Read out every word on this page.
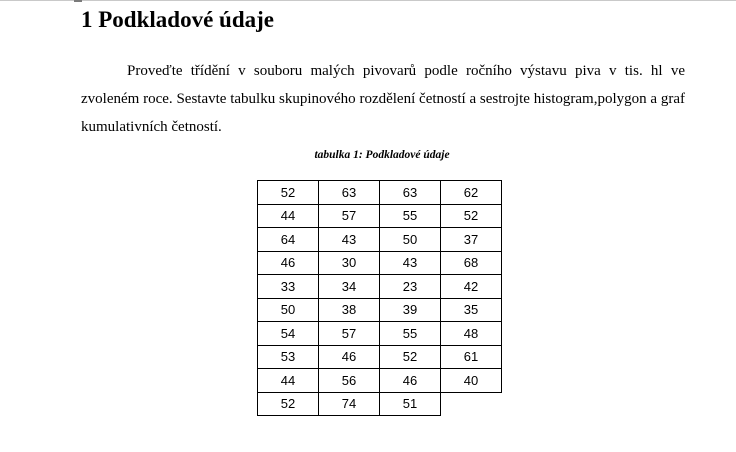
1 Podkladové údaje

Proveďte třídění v souboru malých pivovarů podle ročního výstavu piva v tis. hl ve zvoleném roce. Sestavte tabulku skupinového rozdělení četností a sestrojte histogram,polygon a graf kumulativních četností.

tabulka 1: Podkladové údaje
52	63	63	62
44	57	55	52
64	43	50	37
46	30	43	68
33	34	23	42
50	38	39	35
54	57	55	48
53	46	52	61
44	56	46	40
52	74	51	
